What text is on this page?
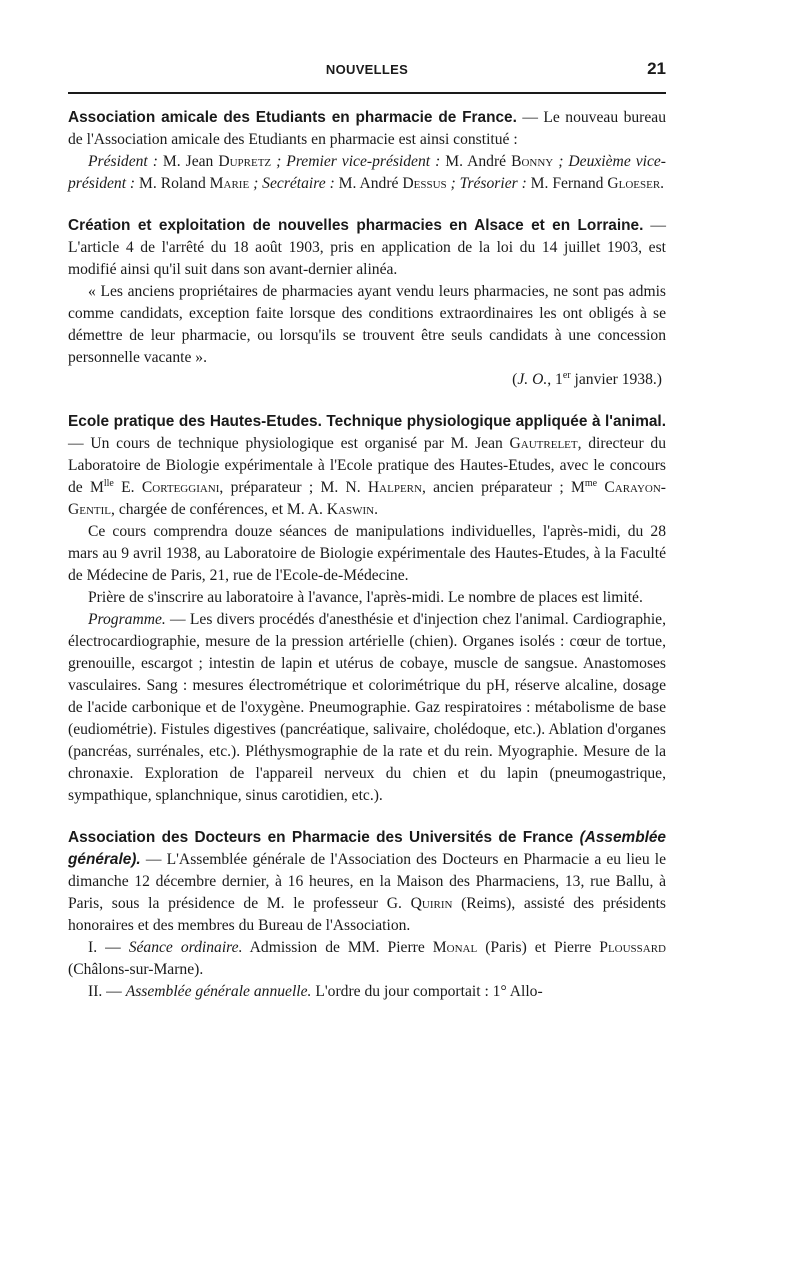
NOUVELLES	21

Association amicale des Etudiants en pharmacie de France. — Le nouveau bureau de l'Association amicale des Etudiants en pharmacie est ainsi constitué :

Président : M. Jean Dupretz ; Premier vice-président : M. André Bonny ; Deuxième vice-président : M. Roland Marie ; Secrétaire : M. André Dessus ; Trésorier : M. Fernand Gloeser.

Création et exploitation de nouvelles pharmacies en Alsace et en Lorraine. — L'article 4 de l'arrêté du 18 août 1903, pris en application de la loi du 14 juillet 1903, est modifié ainsi qu'il suit dans son avant-dernier alinéa.

« Les anciens propriétaires de pharmacies ayant vendu leurs pharmacies, ne sont pas admis comme candidats, exception faite lorsque des conditions extraordinaires les ont obligés à se démettre de leur pharmacie, ou lorsqu'ils se trouvent être seuls candidats à une concession personnelle vacante ».

(J. O., 1er janvier 1938.)

Ecole pratique des Hautes-Etudes. Technique physiologique appliquée à l'animal. — Un cours de technique physiologique est organisé par M. Jean Gautrelet, directeur du Laboratoire de Biologie expérimentale à l'Ecole pratique des Hautes-Etudes, avec le concours de $M^{lle}$ E. Corteggiani, préparateur ; M. N. Halpern, ancien préparateur ; $M^{me}$ Carayon-Gentil, chargée de conférences, et M. A. Kaswin.

Ce cours comprendra douze séances de manipulations individuelles, l'après-midi, du 28 mars au 9 avril 1938, au Laboratoire de Biologie expérimentale des Hautes-Etudes, à la Faculté de Médecine de Paris, 21, rue de l'Ecole-de-Médecine.

Prière de s'inscrire au laboratoire à l'avance, l'après-midi. Le nombre de places est limité.

Programme. — Les divers procédés d'anesthésie et d'injection chez l'animal. Cardiographie, électrocardiographie, mesure de la pression artérielle (chien). Organes isolés : cœur de tortue, grenouille, escargot ; intestin de lapin et utérus de cobaye, muscle de sangsue. Anastomoses vasculaires. Sang : mesures électrométrique et colorimétrique du pH, réserve alcaline, dosage de l'acide carbonique et de l'oxygène. Pneumographie. Gaz respiratoires : métabolisme de base (eudiométrie). Fistules digestives (pancréatique, salivaire, cholédoque, etc.). Ablation d'organes (pancréas, surrénales, etc.). Pléthysmographie de la rate et du rein. Myographie. Mesure de la chronaxie. Exploration de l'appareil nerveux du chien et du lapin (pneumogastrique, sympathique, splanchnique, sinus carotidien, etc.).

Association des Docteurs en Pharmacie des Universités de France (Assemblée générale). — L'Assemblée générale de l'Association des Docteurs en Pharmacie a eu lieu le dimanche 12 décembre dernier, à 16 heures, en la Maison des Pharmaciens, 13, rue Ballu, à Paris, sous la présidence de M. le professeur G. Quirin (Reims), assisté des présidents honoraires et des membres du Bureau de l'Association.

I. — Séance ordinaire. Admission de MM. Pierre Monal (Paris) et Pierre Ploussard (Châlons-sur-Marne).

II. — Assemblée générale annuelle. L'ordre du jour comportait : 1° Allo-
